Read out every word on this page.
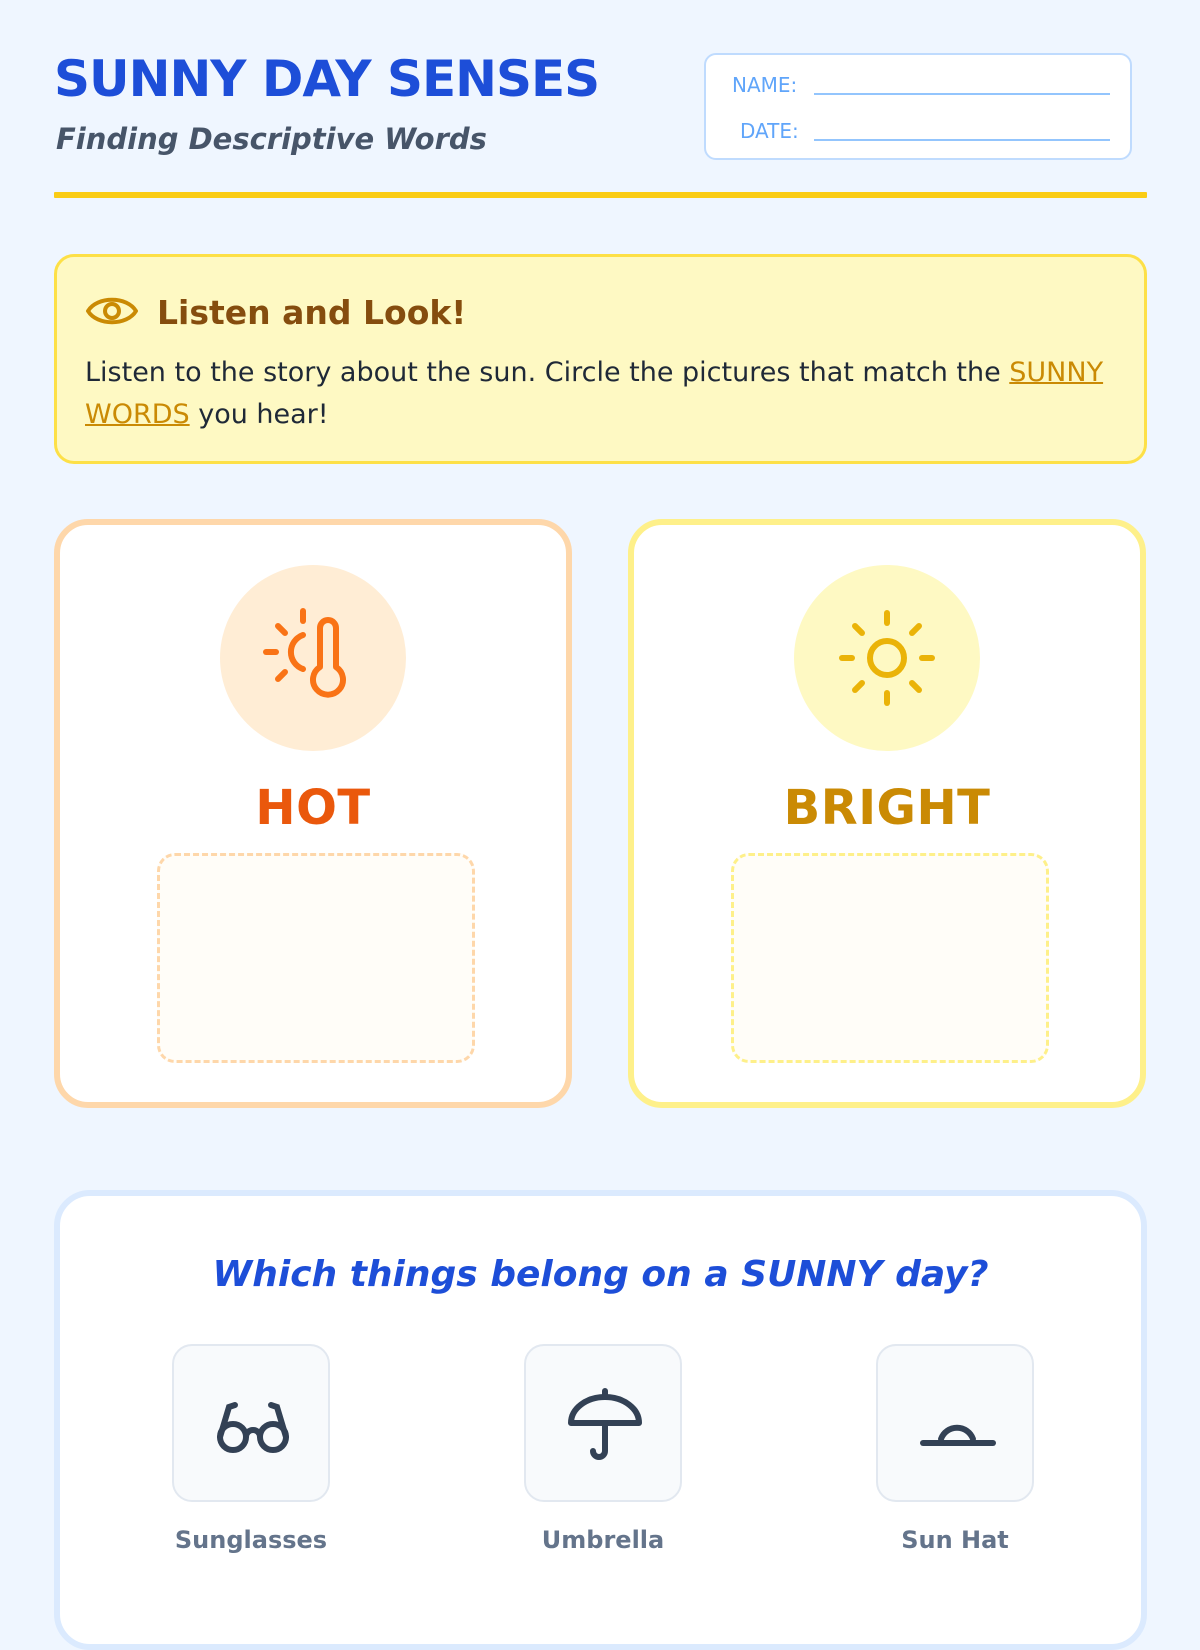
SUNNY DAY SENSES
Finding Descriptive Words
NAME:
DATE:
Listen and Look!
Listen to the story about the sun. Circle the pictures that match the SUNNY WORDS you hear!
HOT	BRIGHT
Which things belong on a SUNNY day?
Sunglasses	Umbrella	Sun Hat
